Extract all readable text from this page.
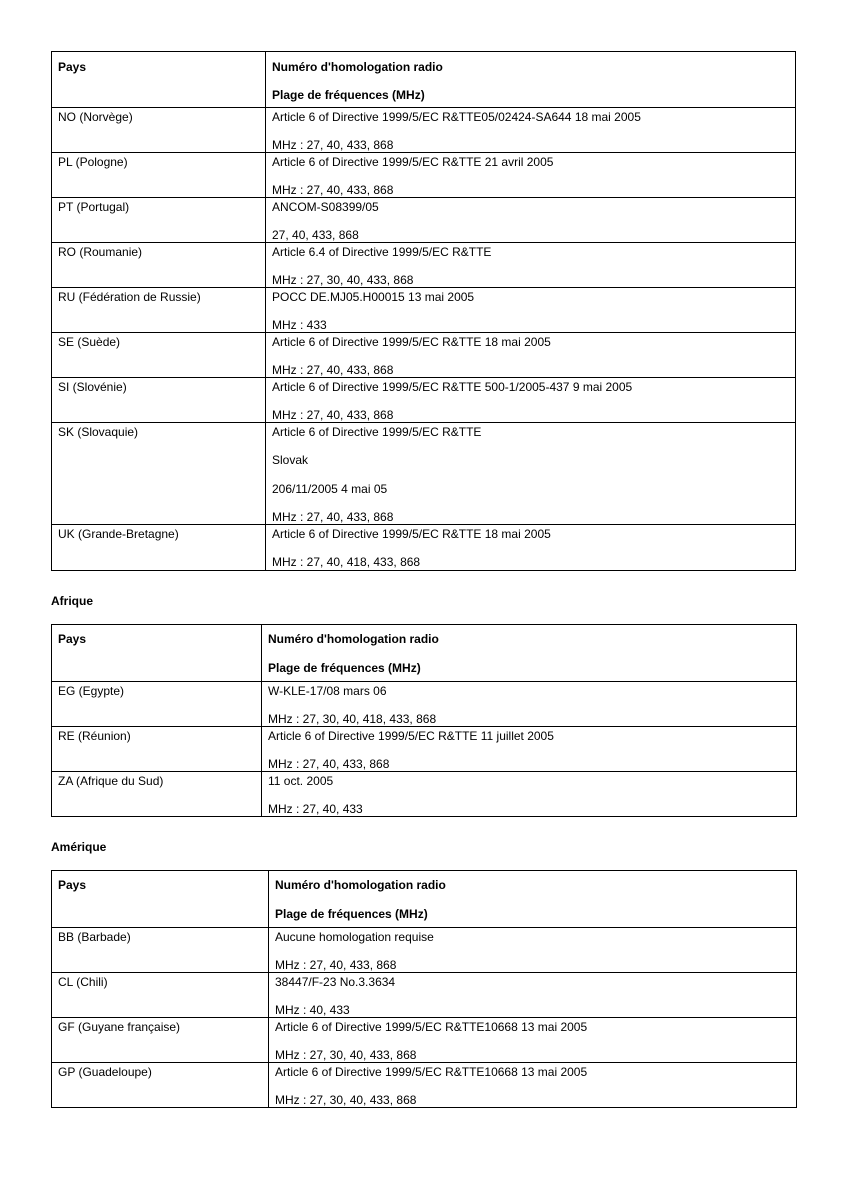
Pays	Numéro d'homologation radio
Plage de fréquences (MHz)
NO (Norvège)	Article 6 of Directive 1999/5/EC R&TTE05/02424-SA644 18 mai 2005
MHz : 27, 40, 433, 868
PL (Pologne)	Article 6 of Directive 1999/5/EC R&TTE 21 avril 2005
MHz : 27, 40, 433, 868
PT (Portugal)	ANCOM-S08399/05
27, 40, 433, 868
RO (Roumanie)	Article 6.4 of Directive 1999/5/EC R&TTE
MHz : 27, 30, 40, 433, 868
RU (Fédération de Russie)	POCC DE.MJ05.H00015 13 mai 2005
MHz : 433
SE (Suède)	Article 6 of Directive 1999/5/EC R&TTE 18 mai 2005
MHz : 27, 40, 433, 868
SI (Slovénie)	Article 6 of Directive 1999/5/EC R&TTE 500-1/2005-437 9 mai 2005
MHz : 27, 40, 433, 868
SK (Slovaquie)	Article 6 of Directive 1999/5/EC R&TTE
Slovak
206/11/2005 4 mai 05
MHz : 27, 40, 433, 868
UK (Grande-Bretagne)	Article 6 of Directive 1999/5/EC R&TTE 18 mai 2005
MHz : 27, 40, 418, 433, 868
Afrique
Pays	Numéro d'homologation radio
Plage de fréquences (MHz)
EG (Egypte)	W-KLE-17/08 mars 06
MHz : 27, 30, 40, 418, 433, 868
RE (Réunion)	Article 6 of Directive 1999/5/EC R&TTE 11 juillet 2005
MHz : 27, 40, 433, 868
ZA (Afrique du Sud)	11 oct. 2005
MHz : 27, 40, 433
Amérique
Pays	Numéro d'homologation radio
Plage de fréquences (MHz)
BB (Barbade)	Aucune homologation requise
MHz : 27, 40, 433, 868
CL (Chili)	38447/F-23 No.3.3634
MHz : 40, 433
GF (Guyane française)	Article 6 of Directive 1999/5/EC R&TTE10668 13 mai 2005
MHz : 27, 30, 40, 433, 868
GP (Guadeloupe)	Article 6 of Directive 1999/5/EC R&TTE10668 13 mai 2005
MHz : 27, 30, 40, 433, 868
